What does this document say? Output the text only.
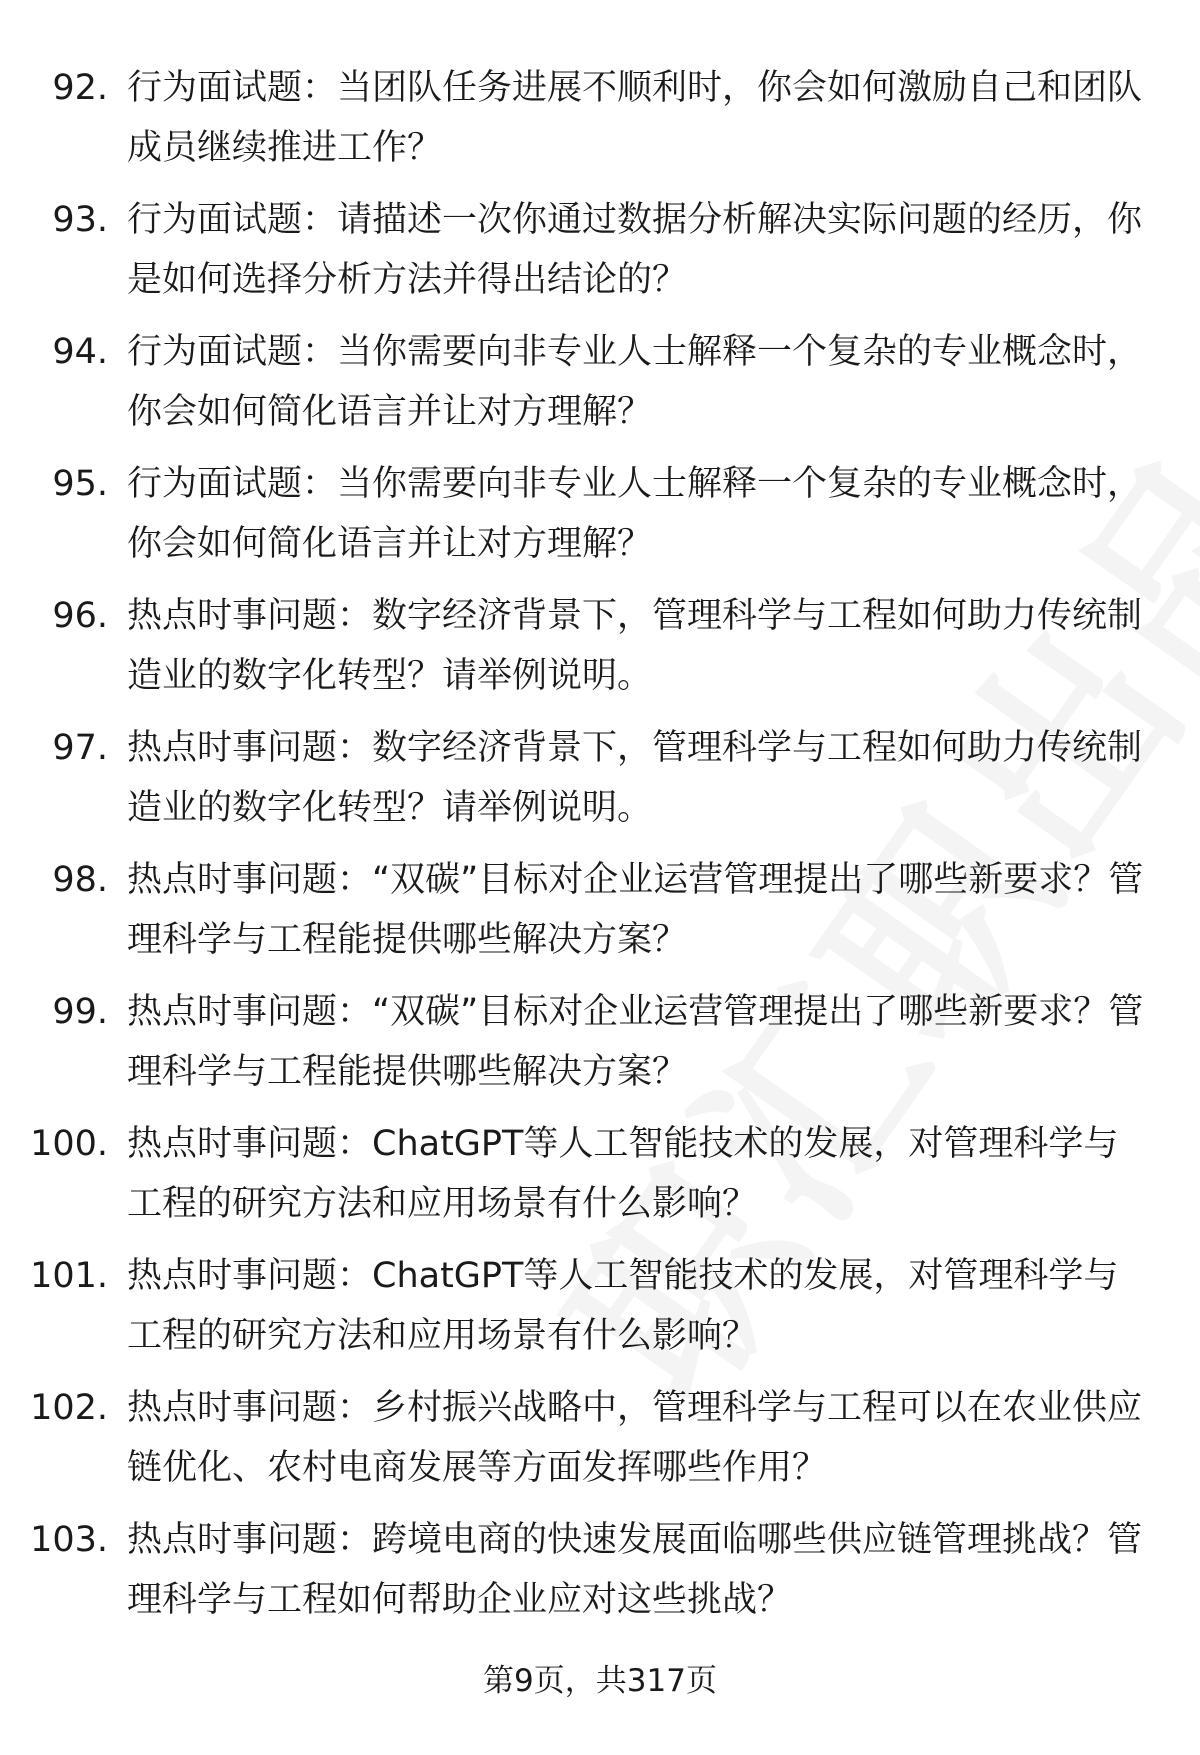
92. 行为面试题：当团队任务进展不顺利时，你会如何激励自己和团队成员继续推进工作？
93. 行为面试题：请描述一次你通过数据分析解决实际问题的经历，你是如何选择分析方法并得出结论的？
94. 行为面试题：当你需要向非专业人士解释一个复杂的专业概念时，你会如何简化语言并让对方理解？
95. 行为面试题：当你需要向非专业人士解释一个复杂的专业概念时，你会如何简化语言并让对方理解？
96. 热点时事问题：数字经济背景下，管理科学与工程如何助力传统制造业的数字化转型？请举例说明。
97. 热点时事问题：数字经济背景下，管理科学与工程如何助力传统制造业的数字化转型？请举例说明。
98. 热点时事问题：“双碳”目标对企业运营管理提出了哪些新要求？管理科学与工程能提供哪些解决方案？
99. 热点时事问题：“双碳”目标对企业运营管理提出了哪些新要求？管理科学与工程能提供哪些解决方案？
100. 热点时事问题：ChatGPT等人工智能技术的发展，对管理科学与工程的研究方法和应用场景有什么影响？
101. 热点时事问题：ChatGPT等人工智能技术的发展，对管理科学与工程的研究方法和应用场景有什么影响？
102. 热点时事问题：乡村振兴战略中，管理科学与工程可以在农业供应链优化、农村电商发展等方面发挥哪些作用？
103. 热点时事问题：跨境电商的快速发展面临哪些供应链管理挑战？管理科学与工程如何帮助企业应对这些挑战？
第9页，共317页
